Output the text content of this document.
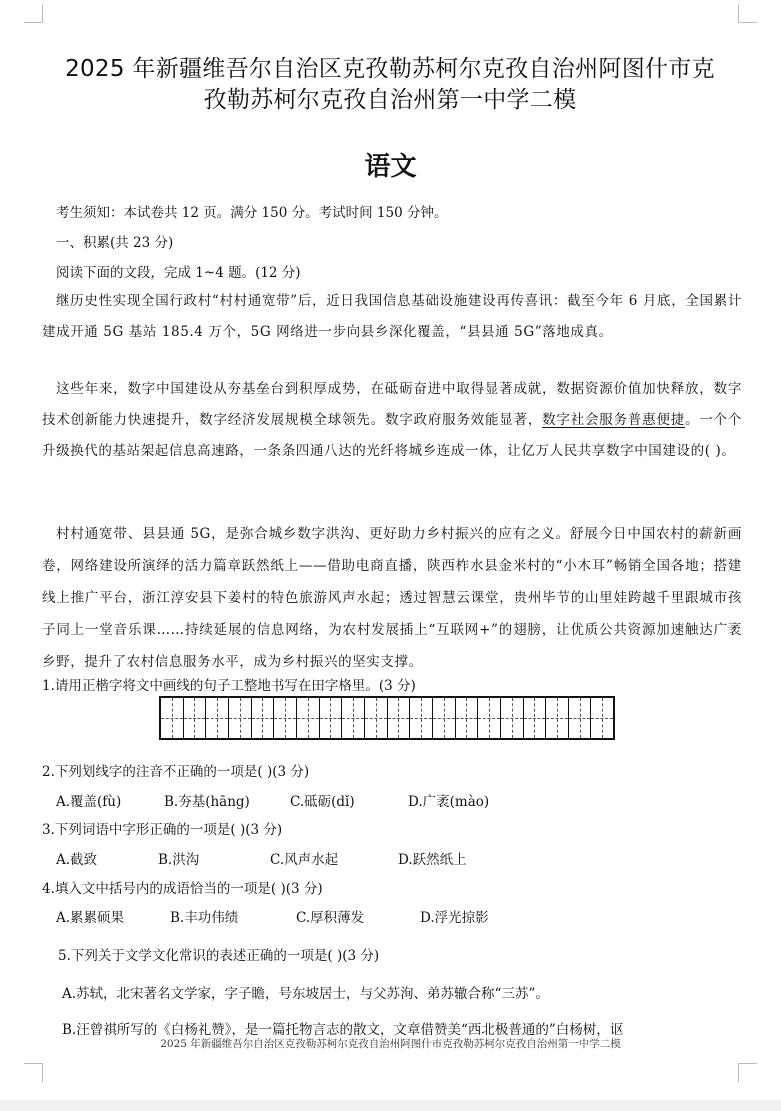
2025 年新疆维吾尔自治区克孜勒苏柯尔克孜自治州阿图什市克
孜勒苏柯尔克孜自治州第一中学二模
语文
考生须知：本试卷共 12 页。满分 150 分。考试时间 150 分钟。
一、积累(共 23 分)
阅读下面的文段，完成 1~4 题。(12 分)
继历史性实现全国行政村“村村通宽带”后，近日我国信息基础设施建设再传喜讯：截至今年 6 月底，全国累计建成开通 5G 基站 185.4 万个，5G 网络进一步向县乡深化覆盖，“县县通 5G”落地成真。
这些年来，数字中国建设从夯基垒台到积厚成势，在砥砺奋进中取得显著成就，数据资源价值加快释放，数字技术创新能力快速提升，数字经济发展规模全球领先。数字政府服务效能显著，数字社会服务普惠便捷。一个个升级换代的基站架起信息高速路，一条条四通八达的光纤将城乡连成一体，让亿万人民共享数字中国建设的( )。
村村通宽带、县县通 5G，是弥合城乡数字洪沟、更好助力乡村振兴的应有之义。舒展今日中国农村的薪新画卷，网络建设所演绎的活力篇章跃然纸上——借助电商直播，陕西柞水县金米村的“小木耳”畅销全国各地；搭建线上推广平台，浙江淳安县下姜村的特色旅游风声水起；透过智慧云课堂，贵州毕节的山里娃跨越千里跟城市孩子同上一堂音乐课……持续延展的信息网络，为农村发展插上“互联网+”的翅膀，让优质公共资源加速触达广袤乡野，提升了农村信息服务水平，成为乡村振兴的坚实支撑。
1.请用正楷字将文中画线的句子工整地书写在田字格里。(3 分)
2.下列划线字的注音不正确的一项是( )(3 分)
A.覆盖(fù)	B.夯基(hāng)	C.砥砺(dǐ)	D.广袤(mào)
3.下列词语中字形正确的一项是( )(3 分)
A.截致	B.洪沟	C.风声水起	D.跃然纸上
4.填入文中括号内的成语恰当的一项是( )(3 分)
A.累累硕果	B.丰功伟绩	C.厚积薄发	D.浮光掠影
5.下列关于文学文化常识的表述正确的一项是( )(3 分)
A.苏轼，北宋著名文学家，字子瞻，号东坡居士，与父苏洵、弟苏辙合称“三苏”。
B.汪曾祺所写的《白杨礼赞》，是一篇托物言志的散文，文章借赞美“西北极普通的”白杨树，讴
2025 年新疆维吾尔自治区克孜勒苏柯尔克孜自治州阿图什市克孜勒苏柯尔克孜自治州第一中学二模
